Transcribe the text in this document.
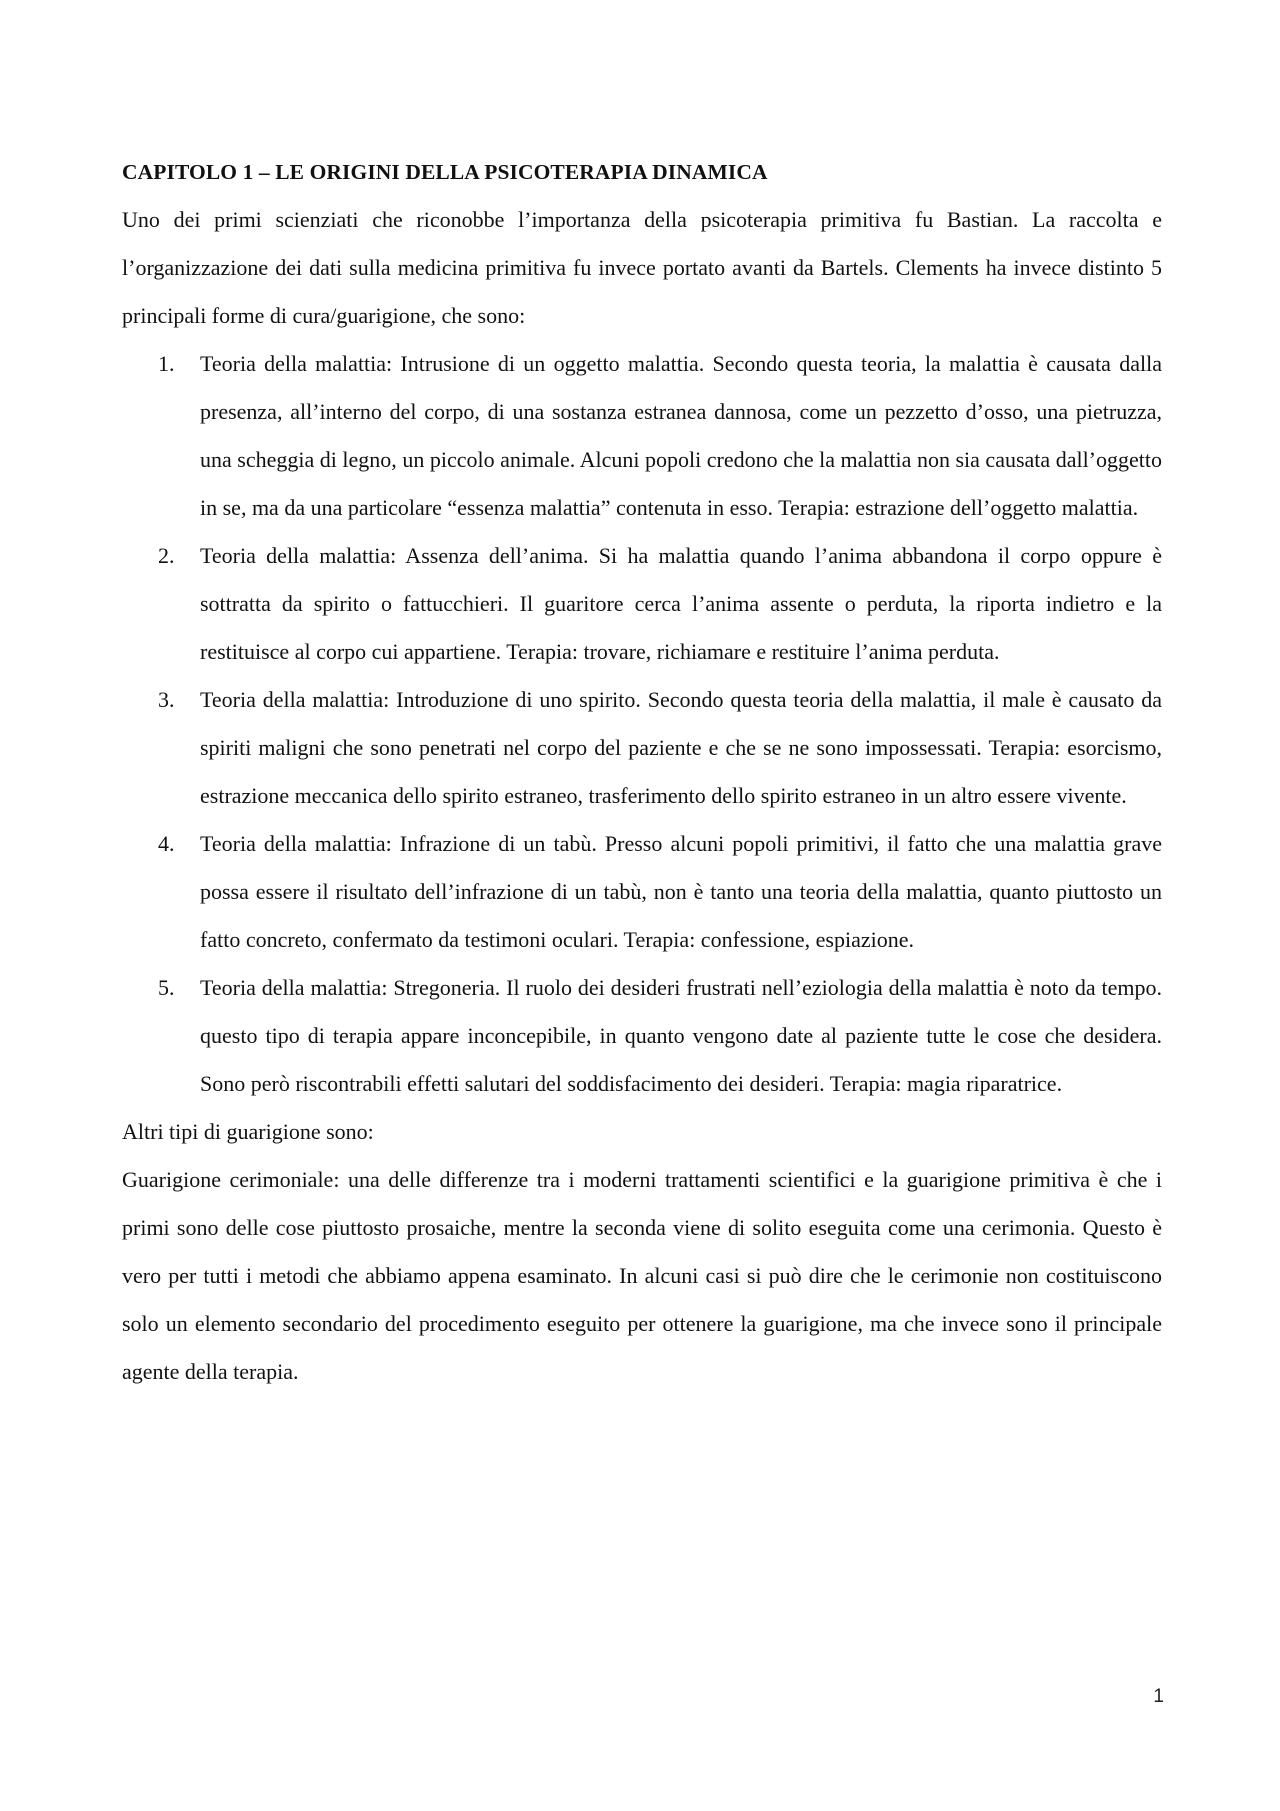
CAPITOLO 1 – LE ORIGINI DELLA PSICOTERAPIA DINAMICA

Uno dei primi scienziati che riconobbe l’importanza della psicoterapia primitiva fu Bastian. La raccolta e l’organizzazione dei dati sulla medicina primitiva fu invece portato avanti da Bartels. Clements ha invece distinto 5 principali forme di cura/guarigione, che sono:

1. Teoria della malattia: Intrusione di un oggetto malattia. Secondo questa teoria, la malattia è causata dalla presenza, all’interno del corpo, di una sostanza estranea dannosa, come un pezzetto d’osso, una pietruzza, una scheggia di legno, un piccolo animale. Alcuni popoli credono che la malattia non sia causata dall’oggetto in se, ma da una particolare “essenza malattia” contenuta in esso. Terapia: estrazione dell’oggetto malattia.
2. Teoria della malattia: Assenza dell’anima. Si ha malattia quando l’anima abbandona il corpo oppure è sottratta da spirito o fattucchieri. Il guaritore cerca l’anima assente o perduta, la riporta indietro e la restituisce al corpo cui appartiene. Terapia: trovare, richiamare e restituire l’anima perduta.
3. Teoria della malattia: Introduzione di uno spirito. Secondo questa teoria della malattia, il male è causato da spiriti maligni che sono penetrati nel corpo del paziente e che se ne sono impossessati. Terapia: esorcismo, estrazione meccanica dello spirito estraneo, trasferimento dello spirito estraneo in un altro essere vivente.
4. Teoria della malattia: Infrazione di un tabù. Presso alcuni popoli primitivi, il fatto che una malattia grave possa essere il risultato dell’infrazione di un tabù, non è tanto una teoria della malattia, quanto piuttosto un fatto concreto, confermato da testimoni oculari. Terapia: confessione, espiazione.
5. Teoria della malattia: Stregoneria. Il ruolo dei desideri frustrati nell’eziologia della malattia è noto da tempo. questo tipo di terapia appare inconcepibile, in quanto vengono date al paziente tutte le cose che desidera. Sono però riscontrabili effetti salutari del soddisfacimento dei desideri. Terapia: magia riparatrice.

Altri tipi di guarigione sono:

Guarigione cerimoniale: una delle differenze tra i moderni trattamenti scientifici e la guarigione primitiva è che i primi sono delle cose piuttosto prosaiche, mentre la seconda viene di solito eseguita come una cerimonia. Questo è vero per tutti i metodi che abbiamo appena esaminato. In alcuni casi si può dire che le cerimonie non costituiscono solo un elemento secondario del procedimento eseguito per ottenere la guarigione, ma che invece sono il principale agente della terapia.

1
